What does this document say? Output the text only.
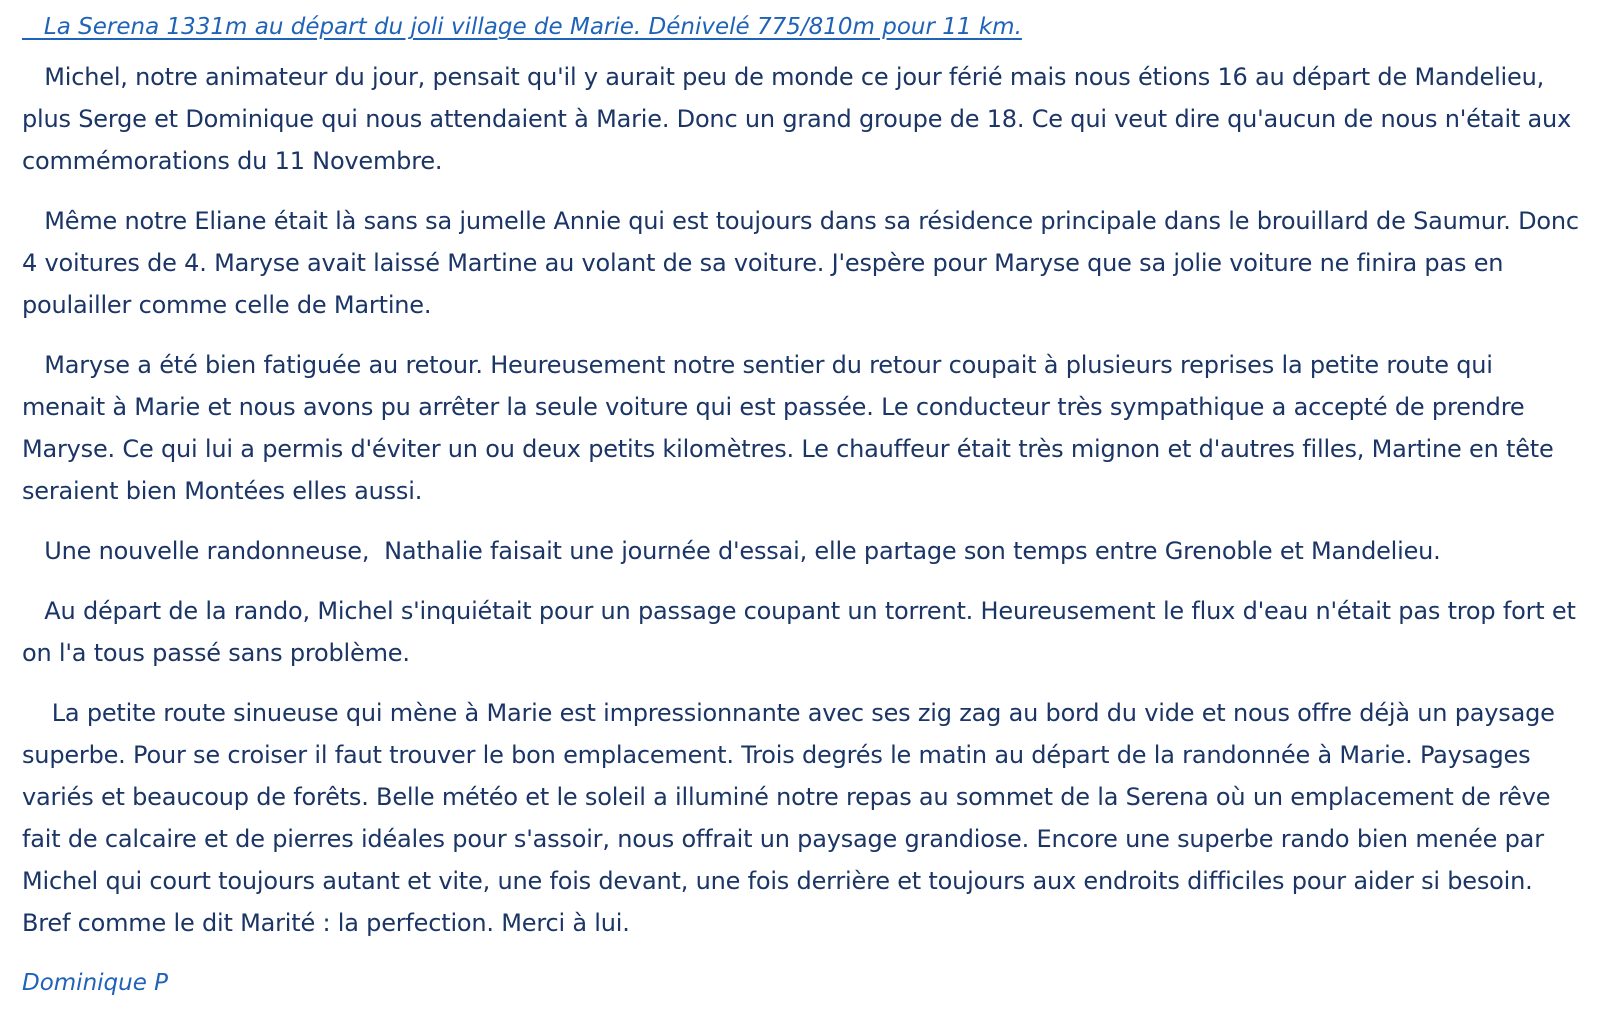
La Serena 1331m au départ du joli village de Marie. Dénivelé 775/810m pour 11 km.

Michel, notre animateur du jour, pensait qu'il y aurait peu de monde ce jour férié mais nous étions 16 au départ de Mandelieu, plus Serge et Dominique qui nous attendaient à Marie. Donc un grand groupe de 18. Ce qui veut dire qu'aucun de nous n'était aux commémorations du 11 Novembre.

Même notre Eliane était là sans sa jumelle Annie qui est toujours dans sa résidence principale dans le brouillard de Saumur. Donc 4 voitures de 4. Maryse avait laissé Martine au volant de sa voiture. J'espère pour Maryse que sa jolie voiture ne finira pas en poulailler comme celle de Martine.

Maryse a été bien fatiguée au retour. Heureusement notre sentier du retour coupait à plusieurs reprises la petite route qui menait à Marie et nous avons pu arrêter la seule voiture qui est passée. Le conducteur très sympathique a accepté de prendre Maryse. Ce qui lui a permis d'éviter un ou deux petits kilomètres. Le chauffeur était très mignon et d'autres filles, Martine en tête seraient bien Montées elles aussi.

Une nouvelle randonneuse,  Nathalie faisait une journée d'essai, elle partage son temps entre Grenoble et Mandelieu.

Au départ de la rando, Michel s'inquiétait pour un passage coupant un torrent. Heureusement le flux d'eau n'était pas trop fort et on l'a tous passé sans problème.

La petite route sinueuse qui mène à Marie est impressionnante avec ses zig zag au bord du vide et nous offre déjà un paysage superbe. Pour se croiser il faut trouver le bon emplacement. Trois degrés le matin au départ de la randonnée à Marie. Paysages variés et beaucoup de forêts. Belle météo et le soleil a illuminé notre repas au sommet de la Serena où un emplacement de rêve fait de calcaire et de pierres idéales pour s'assoir, nous offrait un paysage grandiose. Encore une superbe rando bien menée par Michel qui court toujours autant et vite, une fois devant, une fois derrière et toujours aux endroits difficiles pour aider si besoin. Bref comme le dit Marité : la perfection. Merci à lui.

Dominique P
